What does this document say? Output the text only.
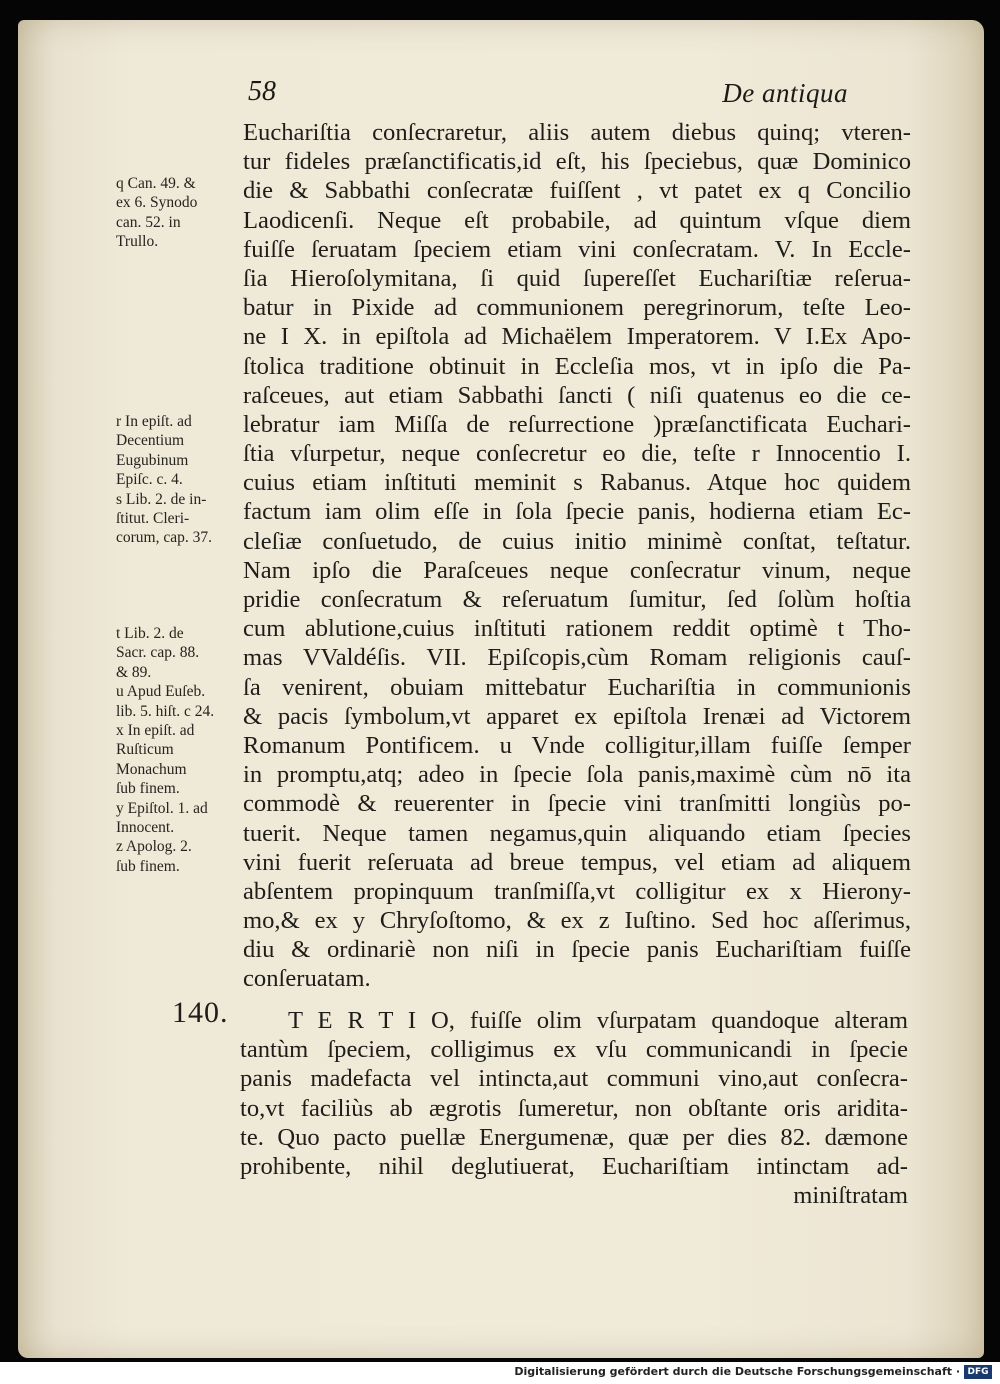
58	De antiqua
q Can. 49. &
ex 6. Synodo
can. 52. in
Trullo.
r In epiſt. ad
Decentium
Eugubinum
Epiſc. c. 4.
s Lib. 2. de in-
ſtitut. Cleri-
corum, cap. 37.
t Lib. 2. de
Sacr. cap. 88.
& 89.
u Apud Euſeb.
lib. 5. hiſt. c 24.
x In epiſt. ad
Ruſticum
Monachum
ſub finem.
y Epiſtol. 1. ad
Innocent.
z Apolog. 2.
ſub finem.
Euchariſtia conſecraretur, aliis autem diebus quinq; vteren-
tur fideles præſanctificatis,id eſt, his ſpeciebus, quæ Dominico
die & Sabbathi conſecratæ fuiſſent , vt patet ex q Concilio
Laodicenſi. Neque eſt probabile, ad quintum vſque diem
fuiſſe ſeruatam ſpeciem etiam vini conſecratam. V. In Eccle-
ſia Hieroſolymitana, ſi quid ſupereſſet Euchariſtiæ reſerua-
batur in Pixide ad communionem peregrinorum, teſte Leo-
ne I X. in epiſtola ad Michaëlem Imperatorem. V I.Ex Apo-
ſtolica traditione obtinuit in Eccleſia mos, vt in ipſo die Pa-
raſceues, aut etiam Sabbathi ſancti ( niſi quatenus eo die ce-
lebratur iam Miſſa de reſurrectione )præſanctificata Euchari-
ſtia vſurpetur, neque conſecretur eo die, teſte r Innocentio I.
cuius etiam inſtituti meminit s Rabanus. Atque hoc quidem
factum iam olim eſſe in ſola ſpecie panis, hodierna etiam Ec-
cleſiæ conſuetudo, de cuius initio minimè conſtat, teſtatur.
Nam ipſo die Paraſceues neque conſecratur vinum, neque
pridie conſecratum & reſeruatum ſumitur, ſed ſolùm hoſtia
cum ablutione,cuius inſtituti rationem reddit optimè t Tho-
mas VValdéſis. VII. Epiſcopis,cùm Romam religionis cauſ-
ſa venirent, obuiam mittebatur Euchariſtia in communionis
& pacis ſymbolum,vt apparet ex epiſtola Irenæi ad Victorem
Romanum Pontificem. u Vnde colligitur,illam fuiſſe ſemper
in promptu,atq; adeo in ſpecie ſola panis,maximè cùm nō ita
commodè & reuerenter in ſpecie vini tranſmitti longiùs po-
tuerit. Neque tamen negamus,quin aliquando etiam ſpecies
vini fuerit reſeruata ad breue tempus, vel etiam ad aliquem
abſentem propinquum tranſmiſſa,vt colligitur ex x Hierony-
mo,& ex y Chryſoſtomo, & ex z Iuſtino. Sed hoc aſſerimus,
diu & ordinariè non niſi in ſpecie panis Euchariſtiam fuiſſe
conſeruatam.
140.	T E R T I O, fuiſſe olim vſurpatam quandoque alteram
tantùm ſpeciem, colligimus ex vſu communicandi in ſpecie
panis madefacta vel intincta,aut communi vino,aut conſecra-
to,vt faciliùs ab ægrotis ſumeretur, non obſtante oris aridita-
te. Quo pacto puellæ Energumenæ, quæ per dies 82. dæmone
prohibente, nihil deglutiuerat, Euchariſtiam intinctam ad-
miniſtratam
Digitalisierung gefördert durch die Deutsche Forschungsgemeinschaft · DFG
